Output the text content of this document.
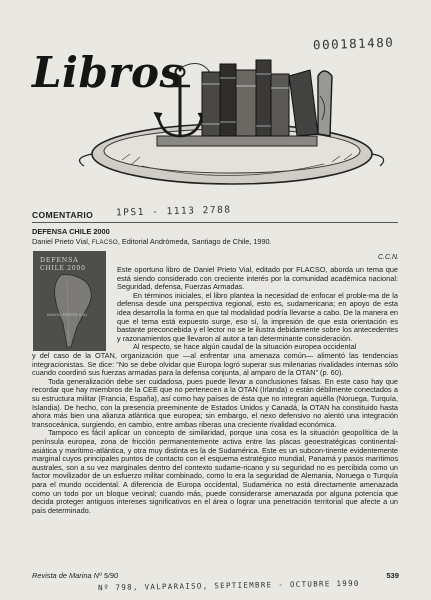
000181480
Libros
1PS1 - 1113 2788
COMENTARIO
DEFENSA CHILE 2000
Daniel Prieto Vial, FLACSO, Editorial Andrómeda, Santiago de Chile, 1990.
C.C.N.
DEFENSA
CHILE 2000
DANIEL PRIETO VIAL

Este oportuno libro de Daniel Prieto Vial, editado por FLACSO, aborda un tema que está siendo considerado con creciente interés por la comunidad académica nacional: Seguridad, defensa, Fuerzas Armadas.

En términos iniciales, el libro plantea la necesidad de enfocar el proble-ma de la defensa desde una perspectiva regional, esto es, sudamericana; en apoyo de esta idea desarrolla la forma en que tal modalidad podría llevarse a cabo. De la manera en que el tema está expuesto surge, eso sí, la impresión de que esta orientación es bastante preconcebida y el lector no se le ilustra debidamente sobre los antecedentes y razonamientos que llevaron al autor a tan determinante consideración.

Al respecto, se hace algún caudal de la situación europea occidental

y del caso de la OTAN, organización que —al enfrentar una amenaza común— alimentó las tendencias integracionistas. Se dice: “No se debe olvidar que Europa logró superar sus milenarias rivalidades internas sólo cuando coordinó sus fuerzas armadas para la defensa conjunta, al amparo de la OTAN” (p. 60).

Toda generalización debe ser cuidadosa, pues puede llevar a conclusiones falsas. En este caso hay que recordar que hay miembros de la CEE que no pertenecen a la OTAN (Irlanda) o están débilmente conectados a su estructura militar (Francia, España), así como hay países de ésta que no integran aquélla (Noruega, Turquía, Islandia). De hecho, con la presencia preeminente de Estados Unidos y Canadá, la OTAN ha constituido hasta ahora más bien una alianza atlántica que europea; sin embargo, el nexo defensivo no alentó una integración transoceánica, surgiendo, en cambio, entre ambas riberas una creciente rivalidad económica.

Tampoco es fácil aplicar un concepto de similaridad, porque una cosa es la situación geopolítica de la península europea, zona de fricción permanentemente activa entre las placas geoestratégicas continental-asiática y marítimo-atlántica, y otra muy distinta es la de Sudamérica. Este es un subcon-tinente evidentemente marginal cuyos principales puntos de contacto con el esquema estratégico mundial, Panamá y pasos marítimos australes, son a su vez marginales dentro del contexto sudame-ricano y su seguridad no es percibida como un factor movilizador de un esfuerzo militar combinado, como lo era la seguridad de Alemania, Noruega o Turquía para el mundo occidental. A diferencia de Europa occidental, Sudamérica no está directamente amenazada como un todo por un bloque vecinal; cuando más, puede considerarse amenazada por alguna potencia que decida proteger antiguos intereses significativos en el área o lograr una penetración territorial que afecte a un país determinado.

Revista de Marina Nº 5/90	539
Nº 798, VALPARAISO, SEPTIEMBRE - OCTUBRE 1990
